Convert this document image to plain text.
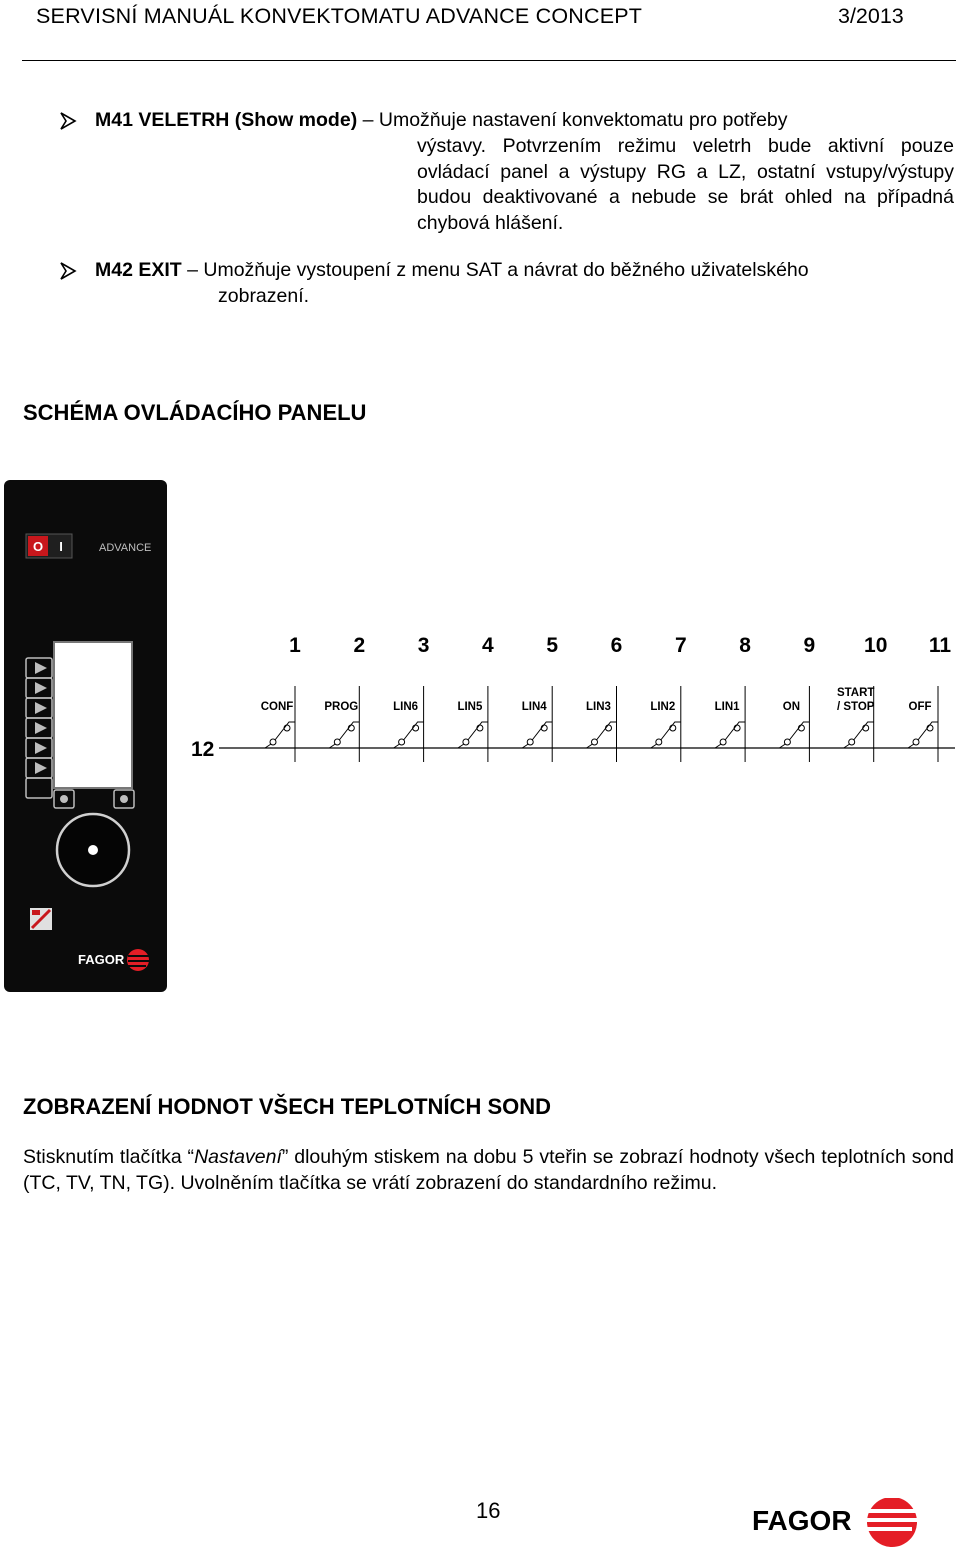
SERVISNÍ MANUÁL KONVEKTOMATU ADVANCE CONCEPT	3/2013
M41 VELETRH (Show mode) – Umožňuje nastavení konvektomatu pro potřeby
výstavy. Potvrzením režimu veletrh bude aktivní pouze ovládací panel a výstupy RG a LZ, ostatní vstupy/výstupy budou deaktivované a nebude se brát ohled na případná chybová hlášení.
M42 EXIT – Umožňuje vystoupení z menu SAT a návrat do běžného uživatelského
zobrazení.
SCHÉMA OVLÁDACÍHO PANELU
O I	ADVANCE
FAGOR
12
1
CONF
2
PROG
3
LIN6
4
LIN5
5
LIN4
6
LIN3
7
LIN2
8
LIN1
9
ON
10
/ STOP
START
11
OFF
ZOBRAZENÍ HODNOT VŠECH TEPLOTNÍCH SOND
Stisknutím tlačítka “Nastavení” dlouhým stiskem na dobu 5 vteřin se zobrazí hodnoty všech teplotních sond (TC, TV, TN, TG). Uvolněním tlačítka se vrátí zobrazení do standardního režimu.
16	FAGOR
